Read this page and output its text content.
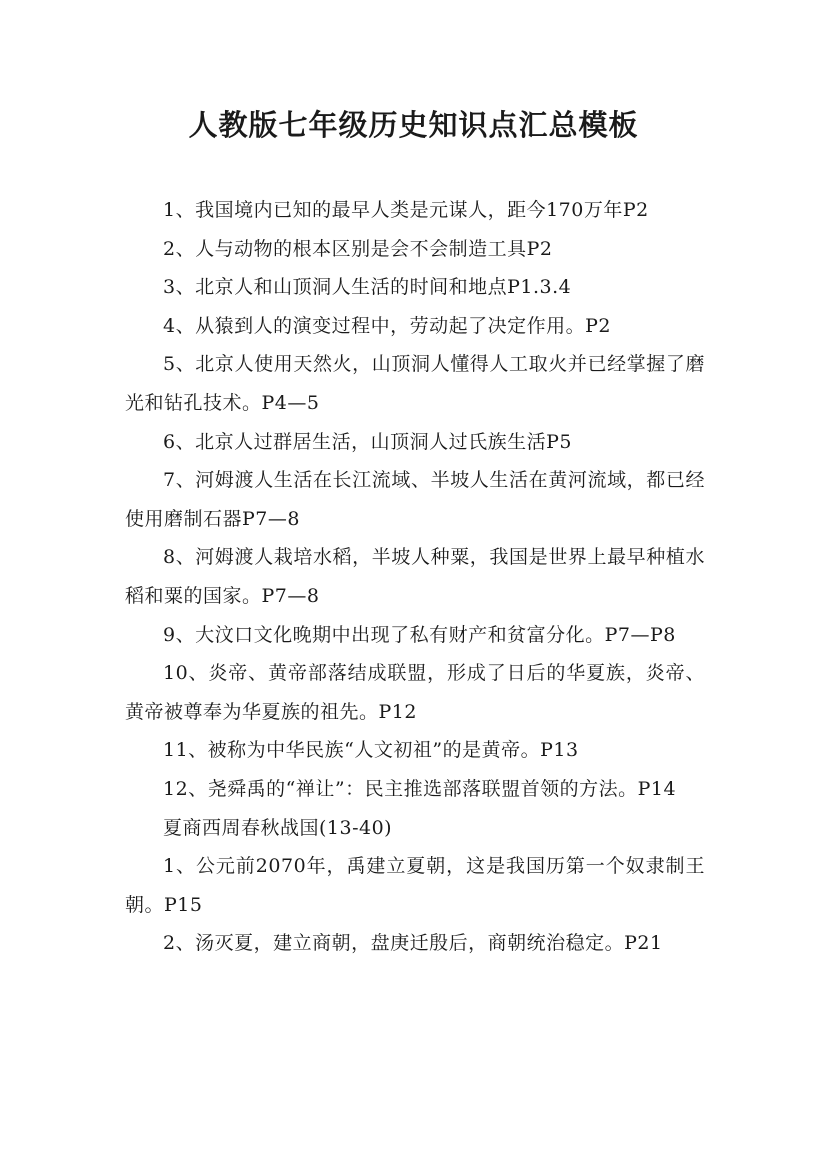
人教版七年级历史知识点汇总模板

1、我国境内已知的最早人类是元谋人，距今170万年P2

2、人与动物的根本区别是会不会制造工具P2

3、北京人和山顶洞人生活的时间和地点P1.3.4

4、从猿到人的演变过程中，劳动起了决定作用。P2

5、北京人使用天然火，山顶洞人懂得人工取火并已经掌握了磨光和钻孔技术。P4—5

6、北京人过群居生活，山顶洞人过氏族生活P5

7、河姆渡人生活在长江流域、半坡人生活在黄河流域，都已经使用磨制石器P7—8

8、河姆渡人栽培水稻，半坡人种粟，我国是世界上最早种植水稻和粟的国家。P7—8

9、大汶口文化晚期中出现了私有财产和贫富分化。P7—P8

10、炎帝、黄帝部落结成联盟，形成了日后的华夏族，炎帝、黄帝被尊奉为华夏族的祖先。P12

11、被称为中华民族“人文初祖”的是黄帝。P13

12、尧舜禹的“禅让”：民主推选部落联盟首领的方法。P14

夏商西周春秋战国(13-40)

1、公元前2070年，禹建立夏朝，这是我国历第一个奴隶制王朝。P15

2、汤灭夏，建立商朝，盘庚迁殷后，商朝统治稳定。P21
